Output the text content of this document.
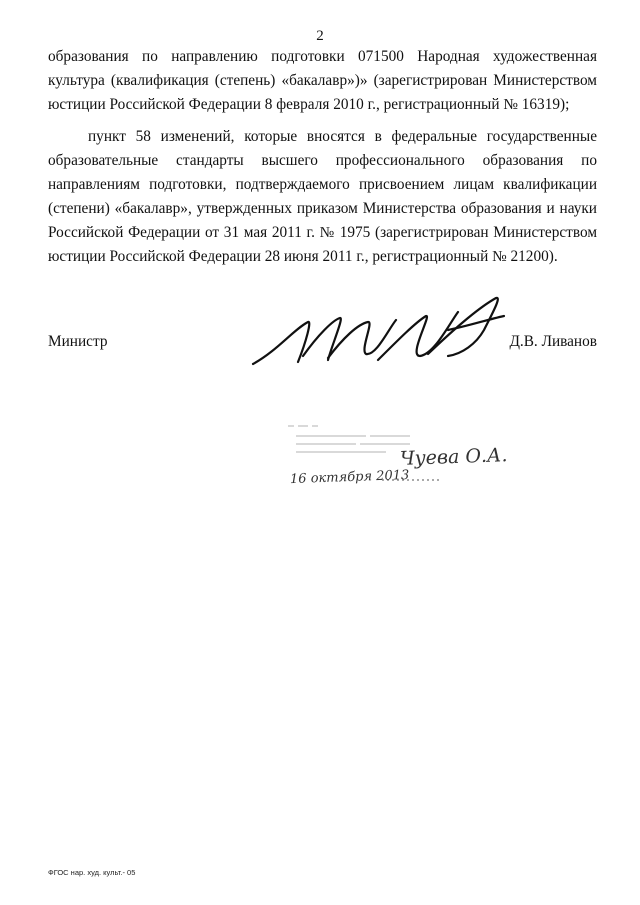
2

образования по направлению подготовки 071500 Народная художественная культура (квалификация (степень) «бакалавр»)» (зарегистрирован Министерством юстиции Российской Федерации 8 февраля 2010 г., регистрационный № 16319);

пункт 58 изменений, которые вносятся в федеральные государственные образовательные стандарты высшего профессионального образования по направлениям подготовки, подтверждаемого присвоением лицам квалификации (степени) «бакалавр», утвержденных приказом Министерства образования и науки Российской Федерации от 31 мая 2011 г. № 1975 (зарегистрирован Министерством юстиции Российской Федерации 28 июня 2011 г., регистрационный № 21200).

Министр	Д.В. Ливанов
Чуева О.А.
16 октября 2013
ФГОС нар. худ. культ.- 05
